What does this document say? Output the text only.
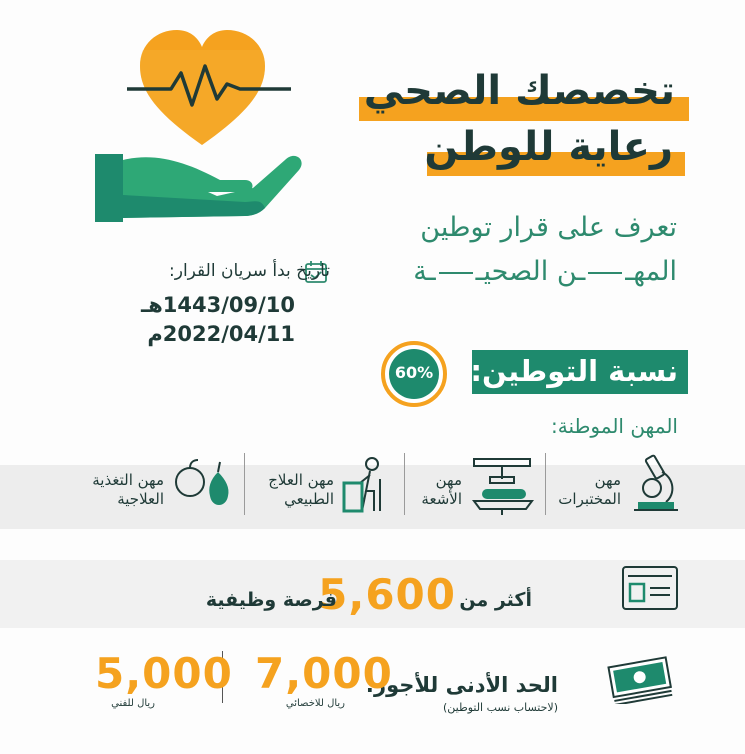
تخصصك الصحي
رعاية للوطن
تعرف على قرار توطين
المهــن الصحيــة
تاريخ بدأ سريان القرار:
1443/09/10هـ
2022/04/11م
نسبة التوطين:
60%
المهن الموطنة:
مهن
المختبرات
مهن
الأشعة
مهن العلاج
الطبيعي
مهن التغذية
العلاجية
أكثر من
5,600
فرصة وظيفية
الحد الأدنى للأجور:
(لاحتساب نسب التوطين)
7,000
ريال للاخصائي
5,000
ريال للفني
